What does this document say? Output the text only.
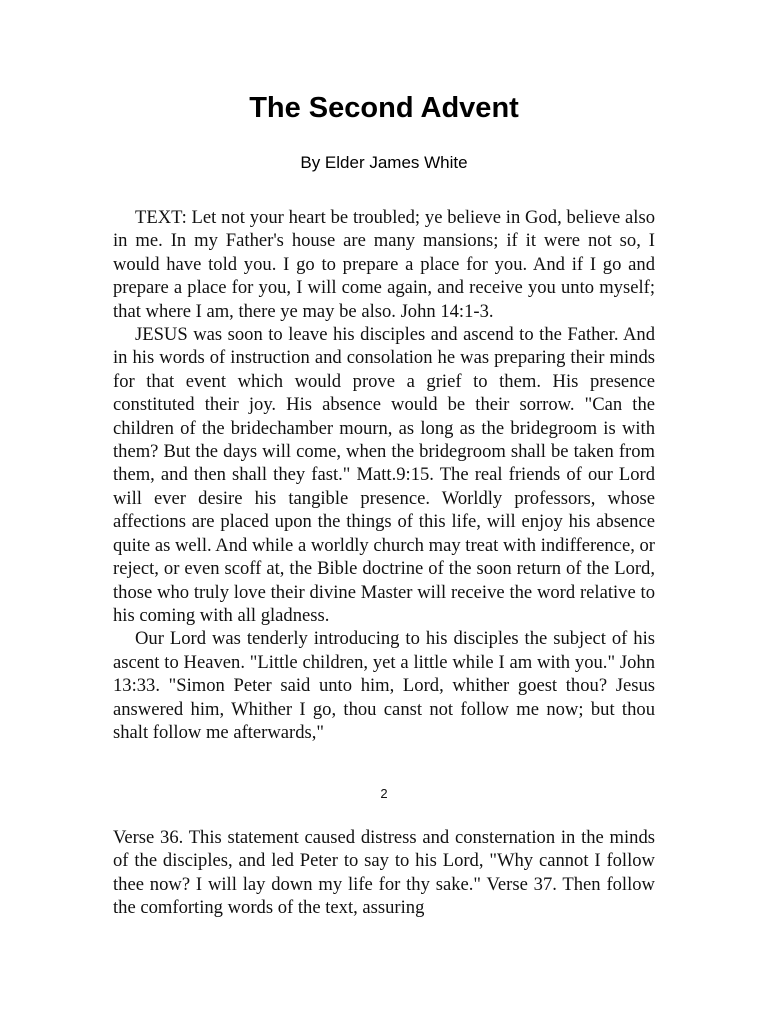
The Second Advent
By Elder James White

TEXT: Let not your heart be troubled; ye believe in God, believe also in me. In my Father's house are many mansions; if it were not so, I would have told you. I go to prepare a place for you. And if I go and prepare a place for you, I will come again, and receive you unto myself; that where I am, there ye may be also. John 14:1-3.

JESUS was soon to leave his disciples and ascend to the Father. And in his words of instruction and consolation he was preparing their minds for that event which would prove a grief to them. His presence constituted their joy. His absence would be their sorrow. "Can the children of the bridechamber mourn, as long as the bridegroom is with them? But the days will come, when the bridegroom shall be taken from them, and then shall they fast." Matt.9:15. The real friends of our Lord will ever desire his tangible presence. Worldly professors, whose affections are placed upon the things of this life, will enjoy his absence quite as well. And while a worldly church may treat with indifference, or reject, or even scoff at, the Bible doctrine of the soon return of the Lord, those who truly love their divine Master will receive the word relative to his coming with all gladness.

Our Lord was tenderly introducing to his disciples the subject of his ascent to Heaven. "Little children, yet a little while I am with you." John 13:33. "Simon Peter said unto him, Lord, whither goest thou? Jesus answered him, Whither I go, thou canst not follow me now; but thou shalt follow me afterwards,"

2

Verse 36. This statement caused distress and consternation in the minds of the disciples, and led Peter to say to his Lord, "Why cannot I follow thee now? I will lay down my life for thy sake." Verse 37. Then follow the comforting words of the text, assuring
